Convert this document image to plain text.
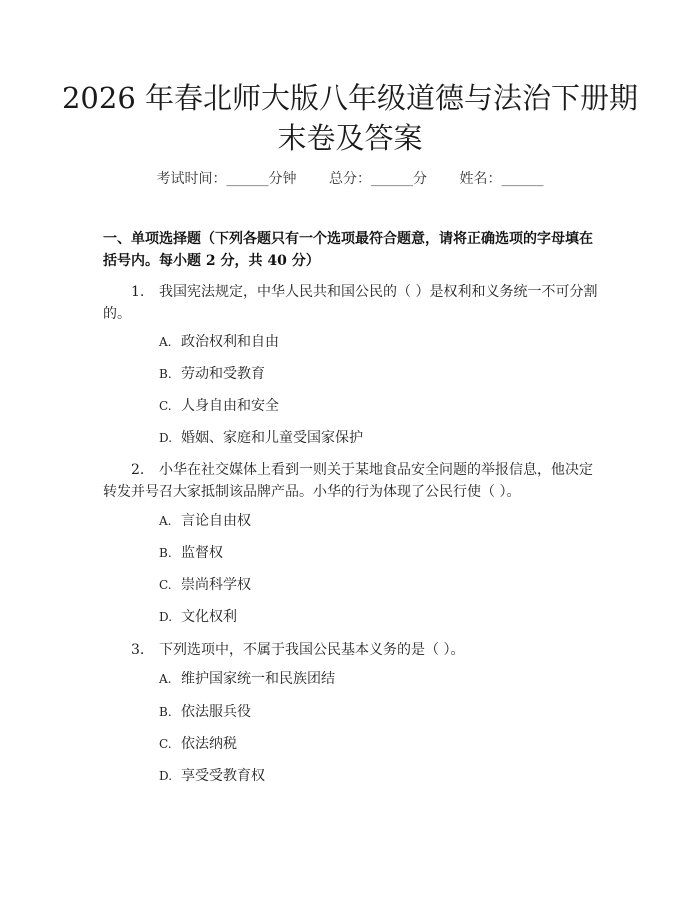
2026 年春北师大版八年级道德与法治下册期
末卷及答案
考试时间：______分钟 总分：______分 姓名：______
一、单项选择题（下列各题只有一个选项最符合题意，请将正确选项的字母填在括号内。每小题 2 分，共 40 分）
1. 我国宪法规定，中华人民共和国公民的（ ）是权利和义务统一不可分割的。
A. 政治权利和自由
B. 劳动和受教育
C. 人身自由和安全
D. 婚姻、家庭和儿童受国家保护
2. 小华在社交媒体上看到一则关于某地食品安全问题的举报信息，他决定转发并号召大家抵制该品牌产品。小华的行为体现了公民行使（ ）。
A. 言论自由权
B. 监督权
C. 崇尚科学权
D. 文化权利
3. 下列选项中，不属于我国公民基本义务的是（ ）。
A. 维护国家统一和民族团结
B. 依法服兵役
C. 依法纳税
D. 享受受教育权
